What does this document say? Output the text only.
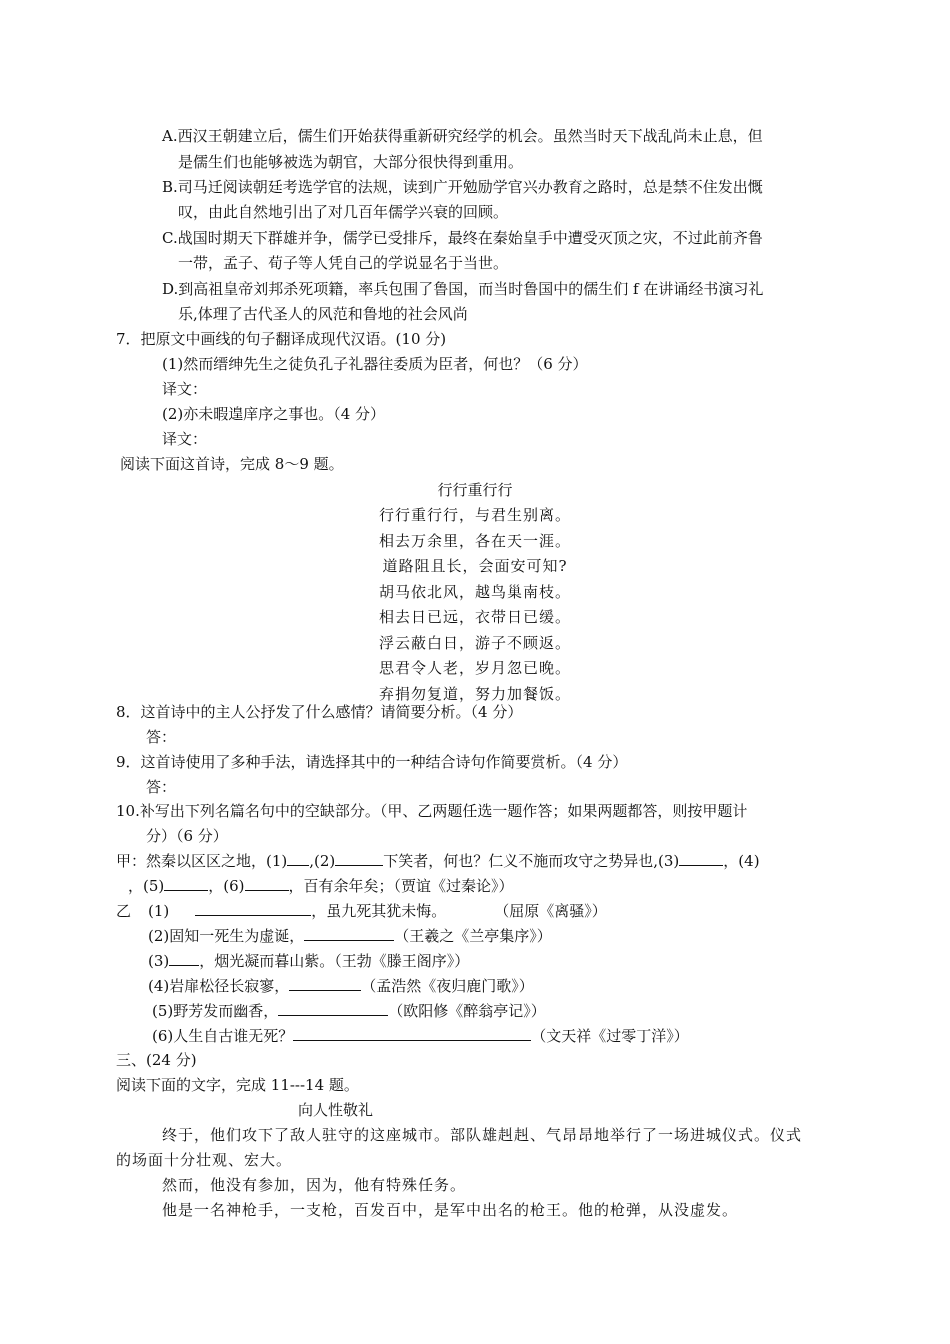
A.西汉王朝建立后，儒生们开始获得重新研究经学的机会。虽然当时天下战乱尚未止息，但
是儒生们也能够被选为朝官，大部分很快得到重用。
B.司马迁阅读朝廷考选学官的法规，读到广开勉励学官兴办教育之路时，总是禁不住发出慨
叹，由此自然地引出了对几百年儒学兴衰的回顾。
C.战国时期天下群雄并争，儒学已受排斥，最终在秦始皇手中遭受灭顶之灾，不过此前齐鲁
一带，孟子、荀子等人凭自己的学说显名于当世。
D.到高祖皇帝刘邦杀死项籍，率兵包围了鲁国，而当时鲁国中的儒生们 f 在讲诵经书演习礼
乐,体理了古代圣人的风范和鲁地的社会风尚
7．把原文中画线的句子翻译成现代汉语。(10 分)
(1)然而缙绅先生之徒负孔子礼器往委质为臣者，何也？（6 分）
译文：
(2)亦未暇遑庠序之事也。（4 分）
译文：
阅读下面这首诗，完成 8～9 题。
行行重行行
行行重行行，与君生别离。
相去万余里，各在天一涯。
道路阻且长，会面安可知?
胡马依北风，越鸟巢南枝。
相去日已远，衣带日已缓。
浮云蔽白日，游子不顾返。
思君令人老，岁月忽已晚。
弃捐勿复道，努力加餐饭。
8．这首诗中的主人公抒发了什么感情？请简要分析。（4 分）
答：
9．这首诗使用了多种手法，请选择其中的一种结合诗句作简要赏析。（4 分）
答：
10.补写出下列名篇名句中的空缺部分。（甲、乙两题任选一题作答；如果两题都答，则按甲题计
分）（6 分）
甲：然秦以区区之地，(1) ,(2)	下笑者，何也？仁义不施而攻守之势异也,(3)	，(4)
，(5)	，(6)	，百有余年矣；（贾谊《过秦论》）
乙 (1)	，虽九死其犹未悔。	（屈原《离骚》）
(2)固知一死生为虚诞，	（王羲之《兰亭集序》）
(3) ，烟光凝而暮山紫。（王勃《滕王阁序》）
(4)岩扉松径长寂寥，	（孟浩然《夜归鹿门歌》）
(5)野芳发而幽香，	（欧阳修《醉翁亭记》）
(6)人生自古谁无死？	（文天祥《过零丁洋》）
三、(24 分)
阅读下面的文字，完成 11---14 题。
向人性敬礼
终于，他们攻下了敌人驻守的这座城市。部队雄赳赳、气昂昂地举行了一场进城仪式。仪式
的场面十分壮观、宏大。
然而，他没有参加，因为，他有特殊任务。
他是一名神枪手，一支枪，百发百中，是军中出名的枪王。他的枪弹，从没虚发。
